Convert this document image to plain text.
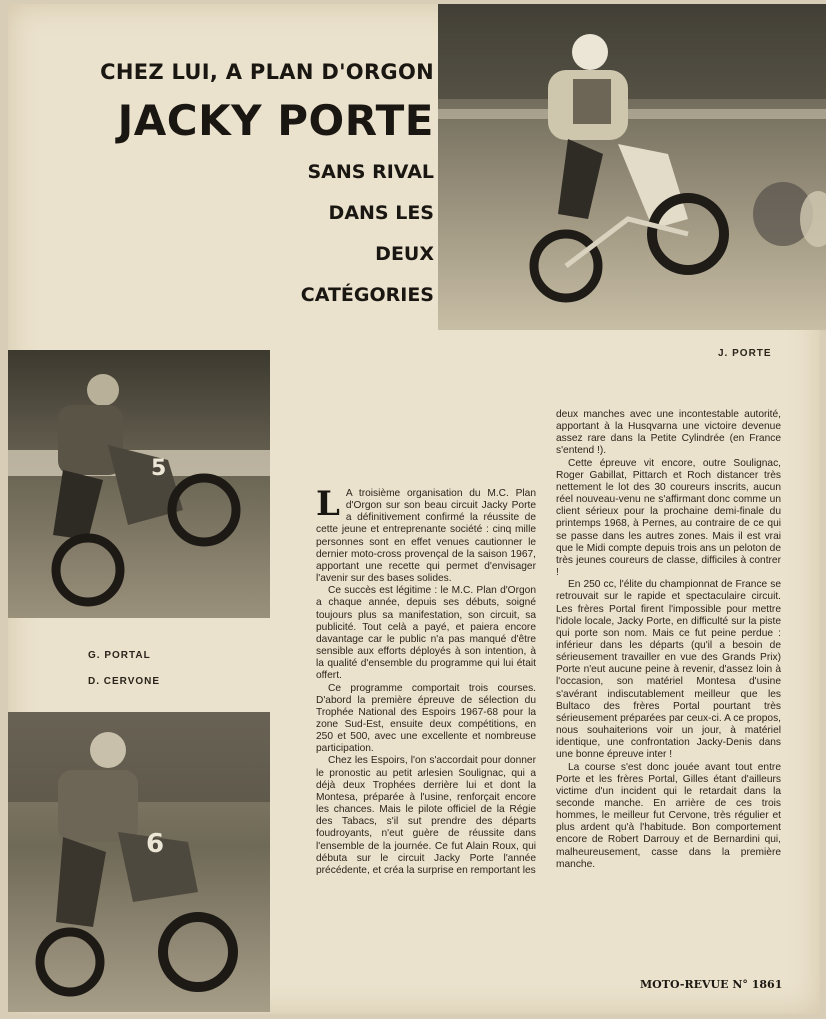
CHEZ LUI, A PLAN D'ORGON
JACKY PORTE
SANS RIVAL
DANS LES
DEUX
CATÉGORIES
J. PORTE
5
G. PORTAL
D. CERVONE
6

L A troisième organisation du M.C. Plan d'Orgon sur son beau circuit Jacky Porte a définitivement confirmé la réussite de cette jeune et entreprenante société : cinq mille personnes sont en effet venues cautionner le dernier moto-cross provençal de la saison 1967, apportant une recette qui permet d'envisager l'avenir sur des bases solides.

Ce succès est légitime : le M.C. Plan d'Orgon a chaque année, depuis ses débuts, soigné toujours plus sa manifestation, son circuit, sa publicité. Tout celà a payé, et paiera encore davantage car le public n'a pas manqué d'être sensible aux efforts déployés à son intention, à la qualité d'ensemble du programme qui lui était offert.

Ce programme comportait trois courses. D'abord la première épreuve de sélection du Trophée National des Espoirs 1967-68 pour la zone Sud-Est, ensuite deux compétitions, en 250 et 500, avec une excellente et nombreuse participation.

Chez les Espoirs, l'on s'accordait pour donner le pronostic au petit arlesien Soulignac, qui a déjà deux Trophées derrière lui et dont la Montesa, préparée à l'usine, renforçait encore les chances. Mais le pilote officiel de la Régie des Tabacs, s'il sut prendre des départs foudroyants, n'eut guère de réussite dans l'ensemble de la journée. Ce fut Alain Roux, qui débuta sur le circuit Jacky Porte l'année précédente, et créa la surprise en remportant les

deux manches avec une incontestable autorité, apportant à la Husqvarna une victoire devenue assez rare dans la Petite Cylindrée (en France s'entend !).

Cette épreuve vit encore, outre Soulignac, Roger Gabillat, Pittarch et Roch distancer très nettement le lot des 30 coureurs inscrits, aucun réel nouveau-venu ne s'affirmant donc comme un client sérieux pour la prochaine demi-finale du printemps 1968, à Pernes, au contraire de ce qui se passe dans les autres zones. Mais il est vrai que le Midi compte depuis trois ans un peloton de très jeunes coureurs de classe, difficiles à contrer !

En 250 cc, l'élite du championnat de France se retrouvait sur le rapide et spectaculaire circuit. Les frères Portal firent l'impossible pour mettre l'idole locale, Jacky Porte, en difficulté sur la piste qui porte son nom. Mais ce fut peine perdue : inférieur dans les départs (qu'il a besoin de sérieusement travailler en vue des Grands Prix) Porte n'eut aucune peine à revenir, d'assez loin à l'occasion, son matériel Montesa d'usine s'avérant indiscutablement meilleur que les Bultaco des frères Portal pourtant très sérieusement préparées par ceux-ci. A ce propos, nous souhaiterions voir un jour, à matériel identique, une confrontation Jacky-Denis dans une bonne épreuve inter !

La course s'est donc jouée avant tout entre Porte et les frères Portal, Gilles étant d'ailleurs victime d'un incident qui le retardait dans la seconde manche. En arrière de ces trois hommes, le meilleur fut Cervone, très régulier et plus ardent qu'à l'habitude. Bon comportement encore de Robert Darrouy et de Bernardini qui, malheureusement, casse dans la première manche.

MOTO-REVUE N° 1861
